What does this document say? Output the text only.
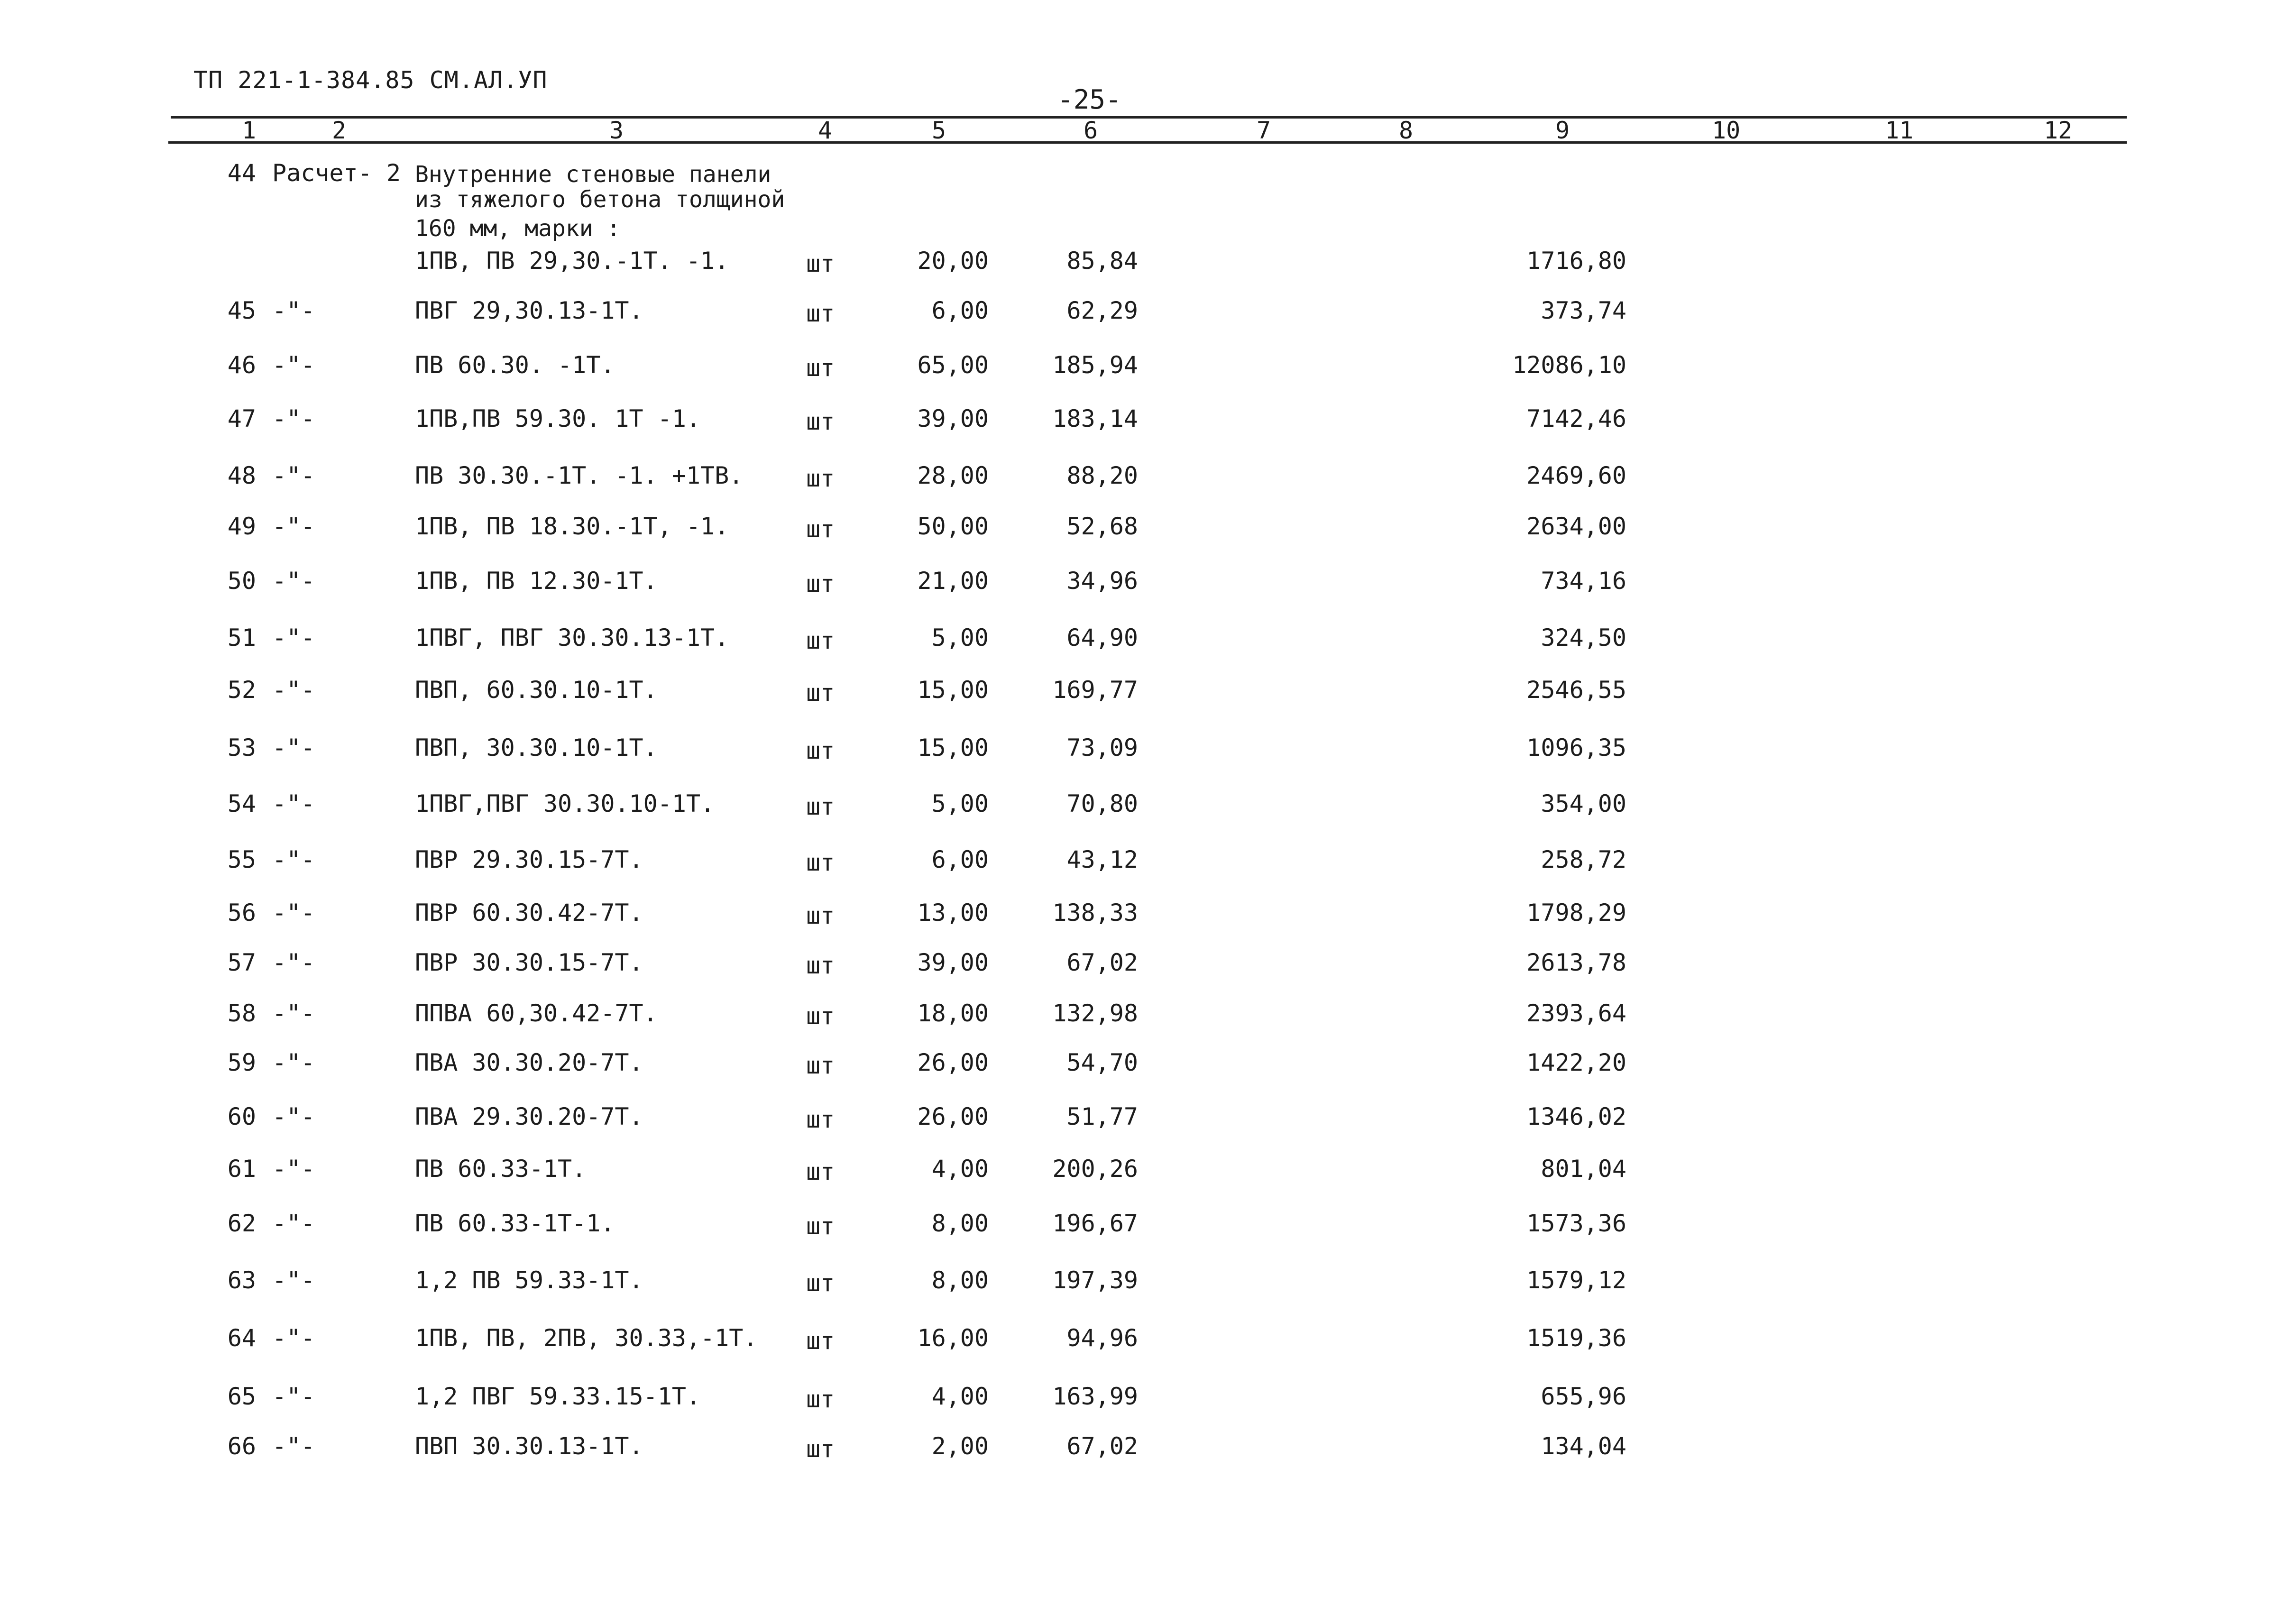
ТП 221-1-384.85 СМ.АЛ.УП
-25-
1	2	3	4	5	6	7	8	9	10	11	12
44 Расчет- 2 Внутренние стеновые панели
из тяжелого бетона толщиной
160 мм, марки :
1ПВ, ПВ 29,30.-1Т. -1.	шт	20,00	85,84	1716,80
45 -"-	ПВГ 29,30.13-1Т.	шт	6,00	62,29	373,74
46 -"-	ПВ 60.30. -1Т.	шт	65,00	185,94	12086,10
47 -"-	1ПВ,ПВ 59.30. 1Т -1.	шт	39,00	183,14	7142,46
48 -"-	ПВ 30.30.-1Т. -1. +1ТВ.	шт	28,00	88,20	2469,60
49 -"-	1ПВ, ПВ 18.30.-1Т, -1.	шт	50,00	52,68	2634,00
50 -"-	1ПВ, ПВ 12.30-1Т.	шт	21,00	34,96	734,16
51 -"-	1ПВГ, ПВГ 30.30.13-1Т.	шт	5,00	64,90	324,50
52 -"-	ПВП, 60.30.10-1Т.	шт	15,00	169,77	2546,55
53 -"-	ПВП, 30.30.10-1Т.	шт	15,00	73,09	1096,35
54 -"-	1ПВГ,ПВГ 30.30.10-1Т.	шт	5,00	70,80	354,00
55 -"-	ПВР 29.30.15-7Т.	шт	6,00	43,12	258,72
56 -"-	ПВР 60.30.42-7Т.	шт	13,00	138,33	1798,29
57 -"-	ПВР 30.30.15-7Т.	шт	39,00	67,02	2613,78
58 -"-	ППВА 60,30.42-7Т.	шт	18,00	132,98	2393,64
59 -"-	ПВА 30.30.20-7Т.	шт	26,00	54,70	1422,20
60 -"-	ПВА 29.30.20-7Т.	шт	26,00	51,77	1346,02
61 -"-	ПВ 60.33-1Т.	шт	4,00	200,26	801,04
62 -"-	ПВ 60.33-1Т-1.	шт	8,00	196,67	1573,36
63 -"-	1,2 ПВ 59.33-1Т.	шт	8,00	197,39	1579,12
64 -"-	1ПВ, ПВ, 2ПВ, 30.33,-1Т. шт	16,00	94,96	1519,36
65 -"-	1,2 ПВГ 59.33.15-1Т.	шт	4,00	163,99	655,96
66 -"-	ПВП 30.30.13-1Т.	шт	2,00	67,02	134,04
